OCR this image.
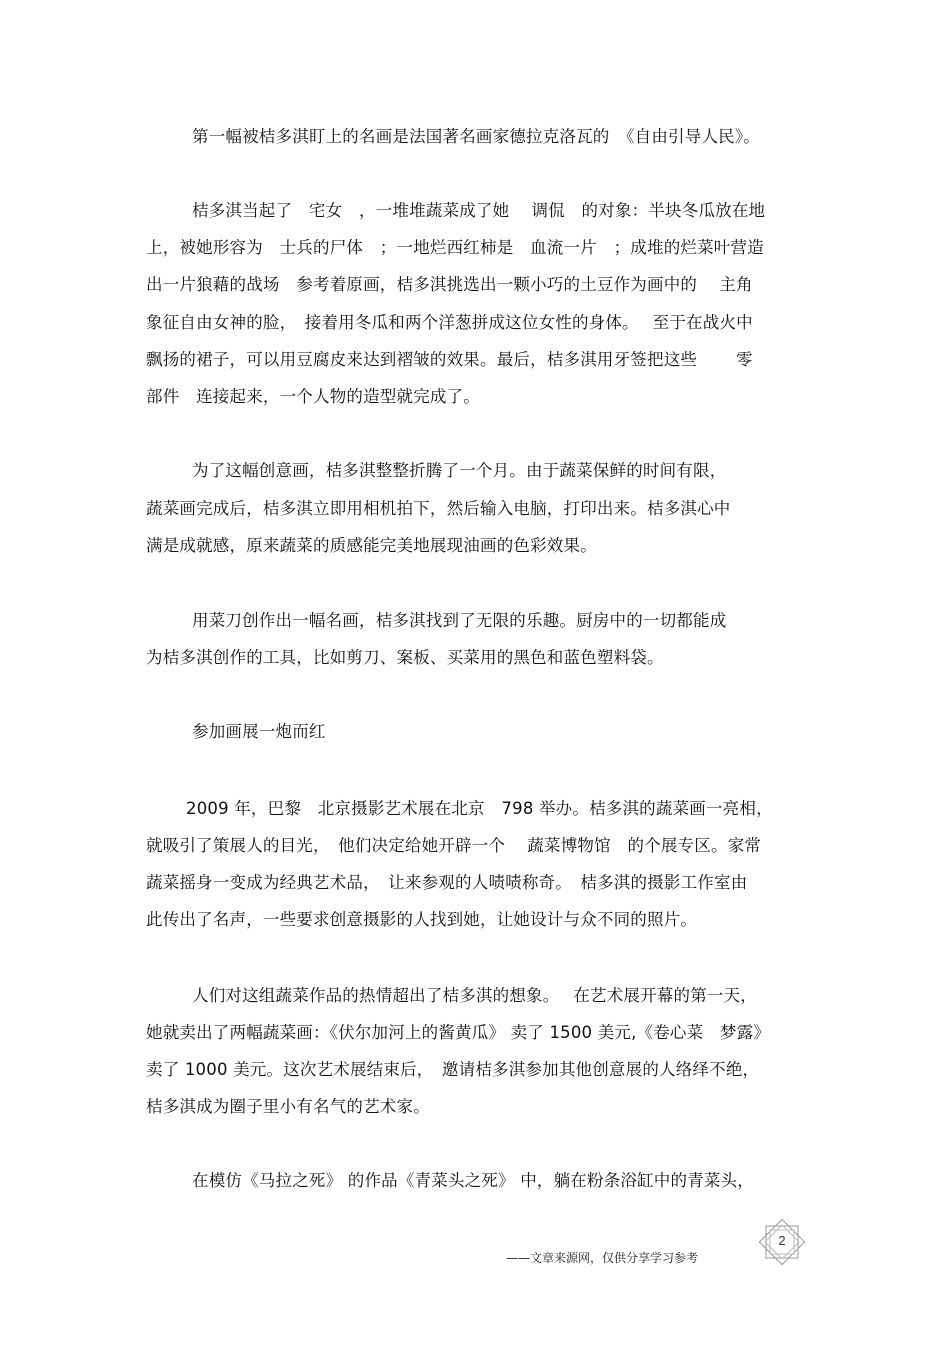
第一幅被桔多淇盯上的名画是法国著名画家德拉克洛瓦的　《自由引导人民》。
桔多淇当起了　宅女　，一堆堆蔬菜成了她　 调侃　的对象：半块冬瓜放在地
上，被她形容为　士兵的尸体　；一地烂西红柿是　血流一片　；成堆的烂菜叶营造
出一片狼藉的战场　参考着原画，桔多淇挑选出一颗小巧的土豆作为画中的　 主角
象征自由女神的脸，　接着用冬瓜和两个洋葱拼成这位女性的身体。　 至于在战火中
飘扬的裙子，可以用豆腐皮来达到褶皱的效果。最后，桔多淇用牙签把这些　　 零
部件　连接起来，一个人物的造型就完成了。
为了这幅创意画，桔多淇整整折腾了一个月。由于蔬菜保鲜的时间有限，
蔬菜画完成后，桔多淇立即用相机拍下，然后输入电脑，打印出来。桔多淇心中
满是成就感，原来蔬菜的质感能完美地展现油画的色彩效果。
用菜刀创作出一幅名画，桔多淇找到了无限的乐趣。厨房中的一切都能成
为桔多淇创作的工具，比如剪刀、案板、买菜用的黑色和蓝色塑料袋。
参加画展一炮而红
2009 年，巴黎　北京摄影艺术展在北京　798 举办。桔多淇的蔬菜画一亮相，
就吸引了策展人的目光，　他们决定给她开辟一个　 蔬菜博物馆　的个展专区。家常
蔬菜摇身一变成为经典艺术品，　让来参观的人啧啧称奇。　桔多淇的摄影工作室由
此传出了名声，一些要求创意摄影的人找到她，让她设计与众不同的照片。
人们对这组蔬菜作品的热情超出了桔多淇的想象。　 在艺术展开幕的第一天，
她就卖出了两幅蔬菜画：《伏尔加河上的酱黄瓜》 卖了 1500 美元,《卷心菜　梦露》
卖了 1000 美元。这次艺术展结束后，　邀请桔多淇参加其他创意展的人络绎不绝，
桔多淇成为圈子里小有名气的艺术家。
在模仿《马拉之死》 的作品《青菜头之死》 中，躺在粉条浴缸中的青菜头，
——文章来源网，仅供分享学习参考
2
